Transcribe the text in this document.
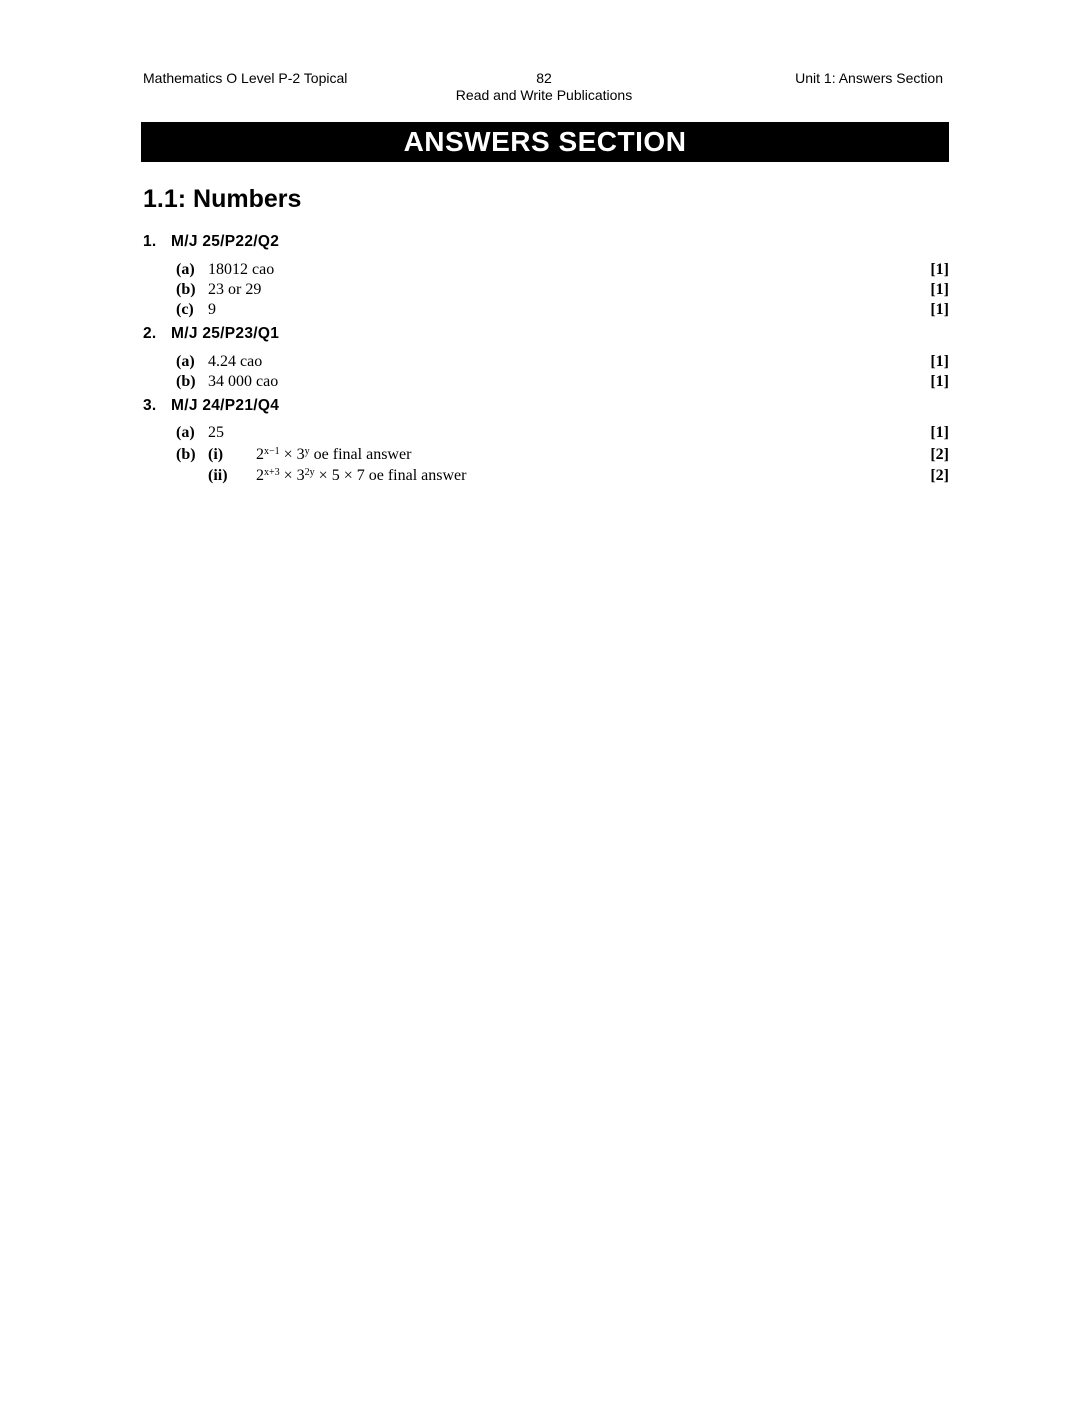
Mathematics O Level P-2 Topical	82
Read and Write Publications
Unit 1: Answers Section
ANSWERS SECTION
1.1: Numbers
1. M/J 25/P22/Q2
(a) 18012 cao	[1]
(b) 23 or 29	[1]
(c) 9	[1]
2. M/J 25/P23/Q1
(a) 4.24 cao	[1]
(b) 34 000 cao	[1]
3. M/J 24/P21/Q4
(a) 25	[1]
(b) (i) $2^{x-1} \times 3^y$ oe final answer	[2]
(ii) $2^{x+3} \times 3^{2y} \times 5 \times 7$ oe final answer	[2]
